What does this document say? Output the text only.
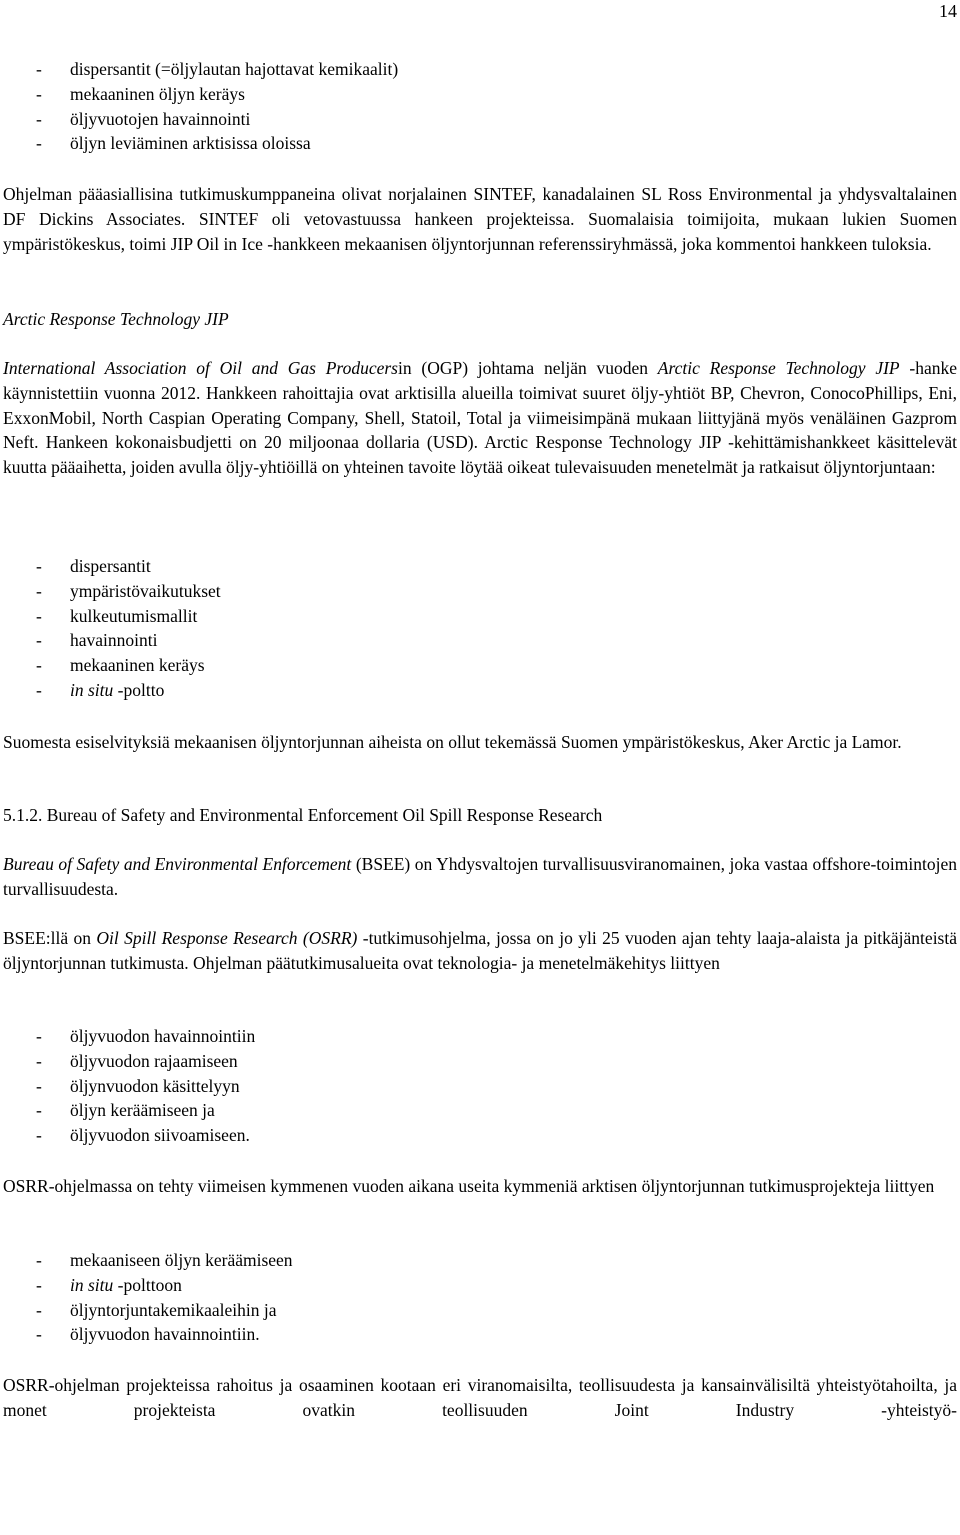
14
- dispersantit (=öljylautan hajottavat kemikaalit)
- mekaaninen öljyn keräys
- öljyvuotojen havainnointi
- öljyn leviäminen arktisissa oloissa

Ohjelman pääasiallisina tutkimuskumppaneina olivat norjalainen SINTEF, kanadalainen SL Ross Environmental ja yhdysvaltalainen DF Dickins Associates. SINTEF oli vetovastuussa hankeen projekteissa. Suomalaisia toimijoita, mukaan lukien Suomen ympäristökeskus, toimi JIP Oil in Ice -hankkeen mekaanisen öljyntorjunnan referenssiryhmässä, joka kommentoi hankkeen tuloksia.

Arctic Response Technology JIP

International Association of Oil and Gas Producersin (OGP) johtama neljän vuoden Arctic Response Technology JIP -hanke käynnistettiin vuonna 2012. Hankkeen rahoittajia ovat arktisilla alueilla toimivat suuret öljy-yhtiöt BP, Chevron, ConocoPhillips, Eni, ExxonMobil, North Caspian Operating Company, Shell, Statoil, Total ja viimeisimpänä mukaan liittyjänä myös venäläinen Gazprom Neft. Hankeen kokonaisbudjetti on 20 miljoonaa dollaria (USD). Arctic Response Technology JIP -kehittämishankkeet käsittelevät kuutta pääaihetta, joiden avulla öljy-yhtiöillä on yhteinen tavoite löytää oikeat tulevaisuuden menetelmät ja ratkaisut öljyntorjuntaan:

- dispersantit
- ympäristövaikutukset
- kulkeutumismallit
- havainnointi
- mekaaninen keräys
- in situ -poltto

Suomesta esiselvityksiä mekaanisen öljyntorjunnan aiheista on ollut tekemässä Suomen ympäristökeskus, Aker Arctic ja Lamor.

5.1.2. Bureau of Safety and Environmental Enforcement Oil Spill Response Research

Bureau of Safety and Environmental Enforcement (BSEE) on Yhdysvaltojen turvallisuusviranomainen, joka vastaa offshore-toimintojen turvallisuudesta.

BSEE:llä on Oil Spill Response Research (OSRR) -tutkimusohjelma, jossa on jo yli 25 vuoden ajan tehty laaja-alaista ja pitkäjänteistä öljyntorjunnan tutkimusta. Ohjelman päätutkimusalueita ovat teknologia- ja menetelmäkehitys liittyen

- öljyvuodon havainnointiin
- öljyvuodon rajaamiseen
- öljynvuodon käsittelyyn
- öljyn keräämiseen ja
- öljyvuodon siivoamiseen.

OSRR-ohjelmassa on tehty viimeisen kymmenen vuoden aikana useita kymmeniä arktisen öljyntorjunnan tutkimusprojekteja liittyen

- mekaaniseen öljyn keräämiseen
- in situ -polttoon
- öljyntorjuntakemikaaleihin ja
- öljyvuodon havainnointiin.

OSRR-ohjelman projekteissa rahoitus ja osaaminen kootaan eri viranomaisilta, teollisuudesta ja kansainvälisiltä yhteistyötahoilta, ja monet projekteista ovatkin teollisuuden Joint Industry -yhteistyö-
